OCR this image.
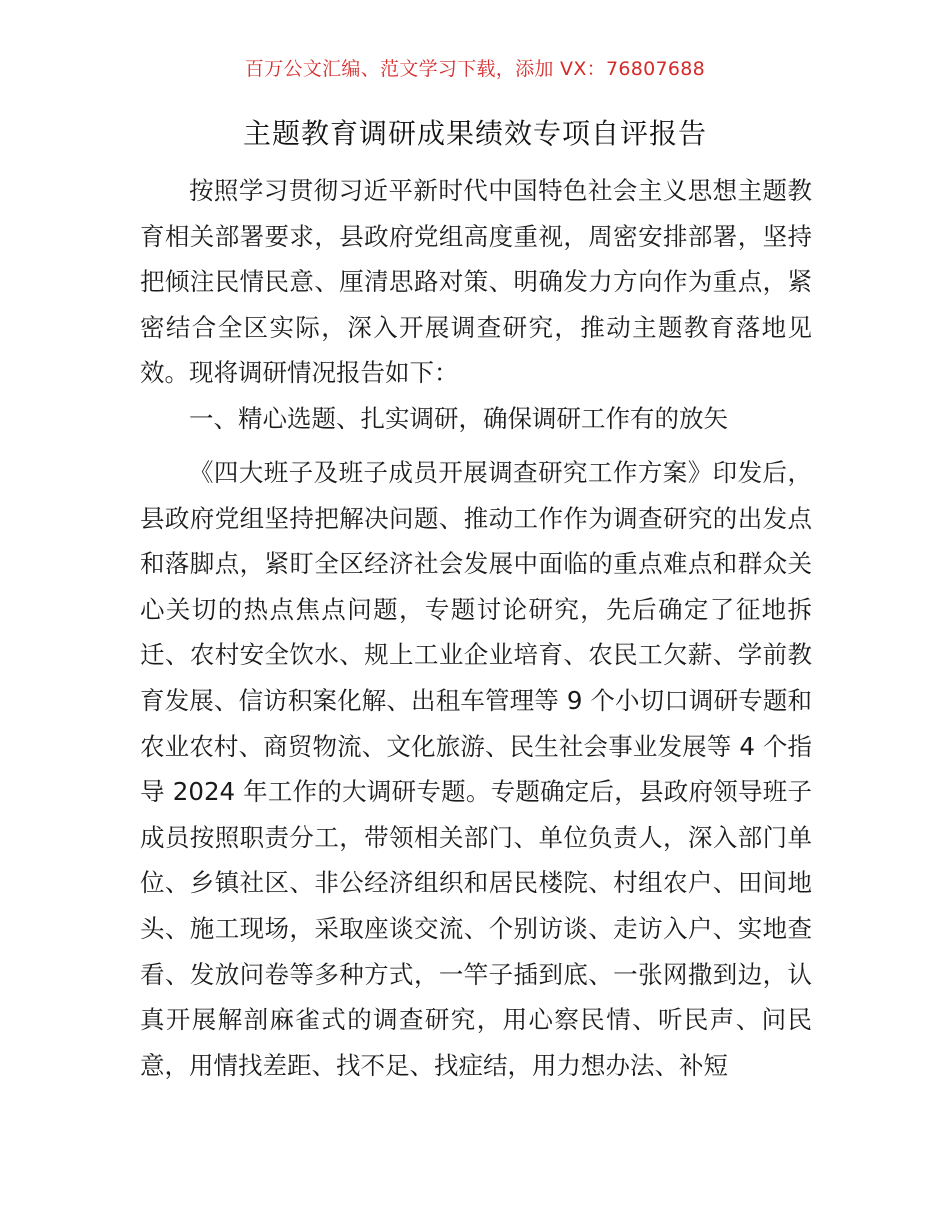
百万公文汇编、范文学习下载，添加 VX：76807688
主题教育调研成果绩效专项自评报告

按照学习贯彻习近平新时代中国特色社会主义思想主题教育相关部署要求，县政府党组高度重视，周密安排部署，坚持把倾注民情民意、厘清思路对策、明确发力方向作为重点，紧密结合全区实际，深入开展调查研究，推动主题教育落地见效。现将调研情况报告如下：

一、精心选题、扎实调研，确保调研工作有的放矢

《四大班子及班子成员开展调查研究工作方案》印发后，县政府党组坚持把解决问题、推动工作作为调查研究的出发点和落脚点，紧盯全区经济社会发展中面临的重点难点和群众关心关切的热点焦点问题，专题讨论研究，先后确定了征地拆迁、农村安全饮水、规上工业企业培育、农民工欠薪、学前教育发展、信访积案化解、出租车管理等 9 个小切口调研专题和农业农村、商贸物流、文化旅游、民生社会事业发展等 4 个指导 2024 年工作的大调研专题。专题确定后，县政府领导班子成员按照职责分工，带领相关部门、单位负责人，深入部门单位、乡镇社区、非公经济组织和居民楼院、村组农户、田间地头、施工现场，采取座谈交流、个别访谈、走访入户、实地查看、发放问卷等多种方式，一竿子插到底、一张网撒到边，认真开展解剖麻雀式的调查研究，用心察民情、听民声、问民意，用情找差距、找不足、找症结，用力想办法、补短
